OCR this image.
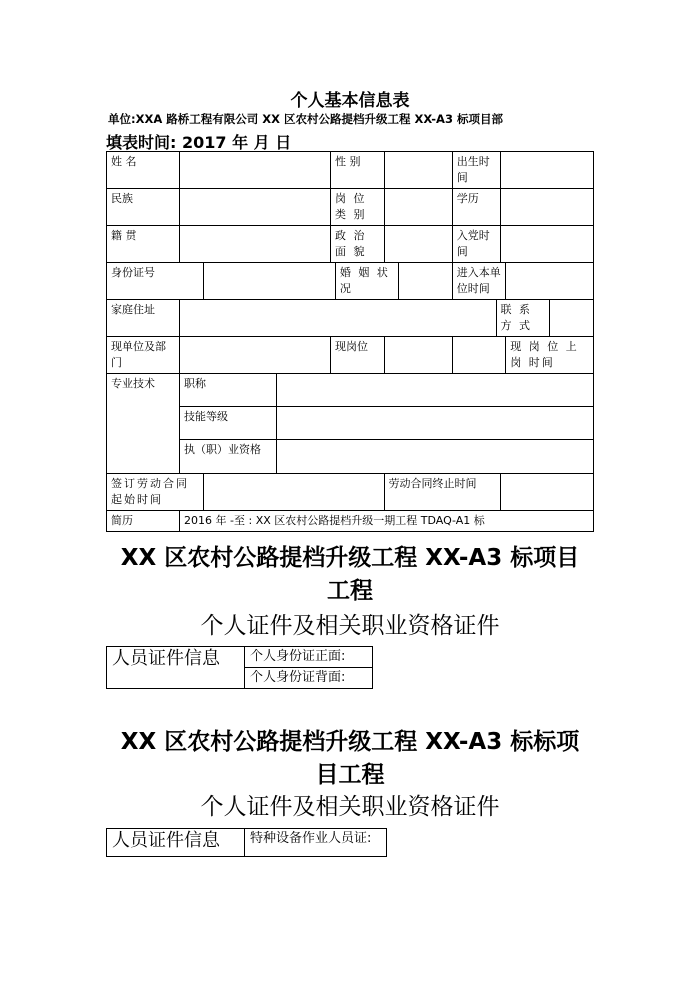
个人基本信息表
单位:XXA 路桥工程有限公司 XX 区农村公路提档升级工程 XX-A3 标项目部
填表时间: 2017 年 月 日
姓 名				性 别				出生时间				
民族				岗 位 类 别				学历				
籍 贯				政 治 面 貌				入党时间				
身份证号					婚 姻 状 况			进入本单位时间				
家庭住址									联 系 方 式			
现单位及部门				现岗位							现 岗 位 上 岗 时间	
专业技术	职称											
	技能等级											
	执（职）业资格											
签订劳动合同起始时间						劳动合同终止时间						
简历	2016 年 -至 : XX 区农村公路提档升级一期工程 TDAQ-A1 标											
XX 区农村公路提档升级工程 XX-A3 标项目
工程
个人证件及相关职业资格证件
人员证件信息	个人身份证正面:
个人身份证背面:
XX 区农村公路提档升级工程 XX-A3 标标项
目工程
个人证件及相关职业资格证件
人员证件信息	特种设备作业人员证:
